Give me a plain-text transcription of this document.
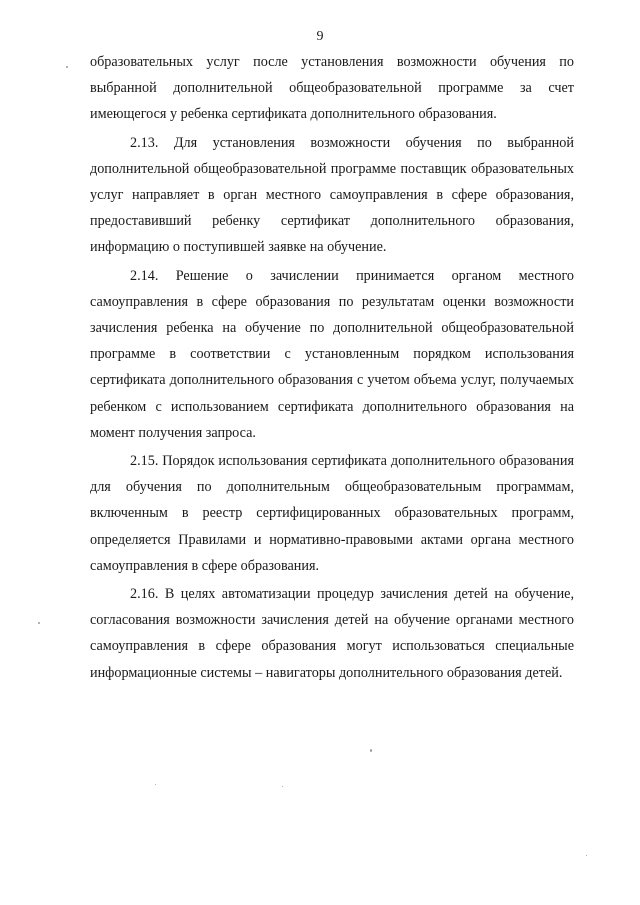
9

образовательных услуг после установления возможности обучения по выбранной дополнительной общеобразовательной программе за счет имеющегося у ребенка сертификата дополнительного образования.

2.13. Для установления возможности обучения по выбранной дополнительной общеобразовательной программе поставщик образовательных услуг направляет в орган местного самоуправления в сфере образования, предоставивший ребенку сертификат дополнительного образования, информацию о поступившей заявке на обучение.

2.14. Решение о зачислении принимается органом местного самоуправления в сфере образования по результатам оценки возможности зачисления ребенка на обучение по дополнительной общеобразовательной программе в соответствии с установленным порядком использования сертификата дополнительного образования с учетом объема услуг, получаемых ребенком с использованием сертификата дополнительного образования на момент получения запроса.

2.15. Порядок использования сертификата дополнительного образования для обучения по дополнительным общеобразовательным программам, включенным в реестр сертифицированных образовательных программ, определяется Правилами и нормативно-правовыми актами органа местного самоуправления в сфере образования.

2.16. В целях автоматизации процедур зачисления детей на обучение, согласования возможности зачисления детей на обучение органами местного самоуправления в сфере образования могут использоваться специальные информационные системы – навигаторы дополнительного образования детей.
